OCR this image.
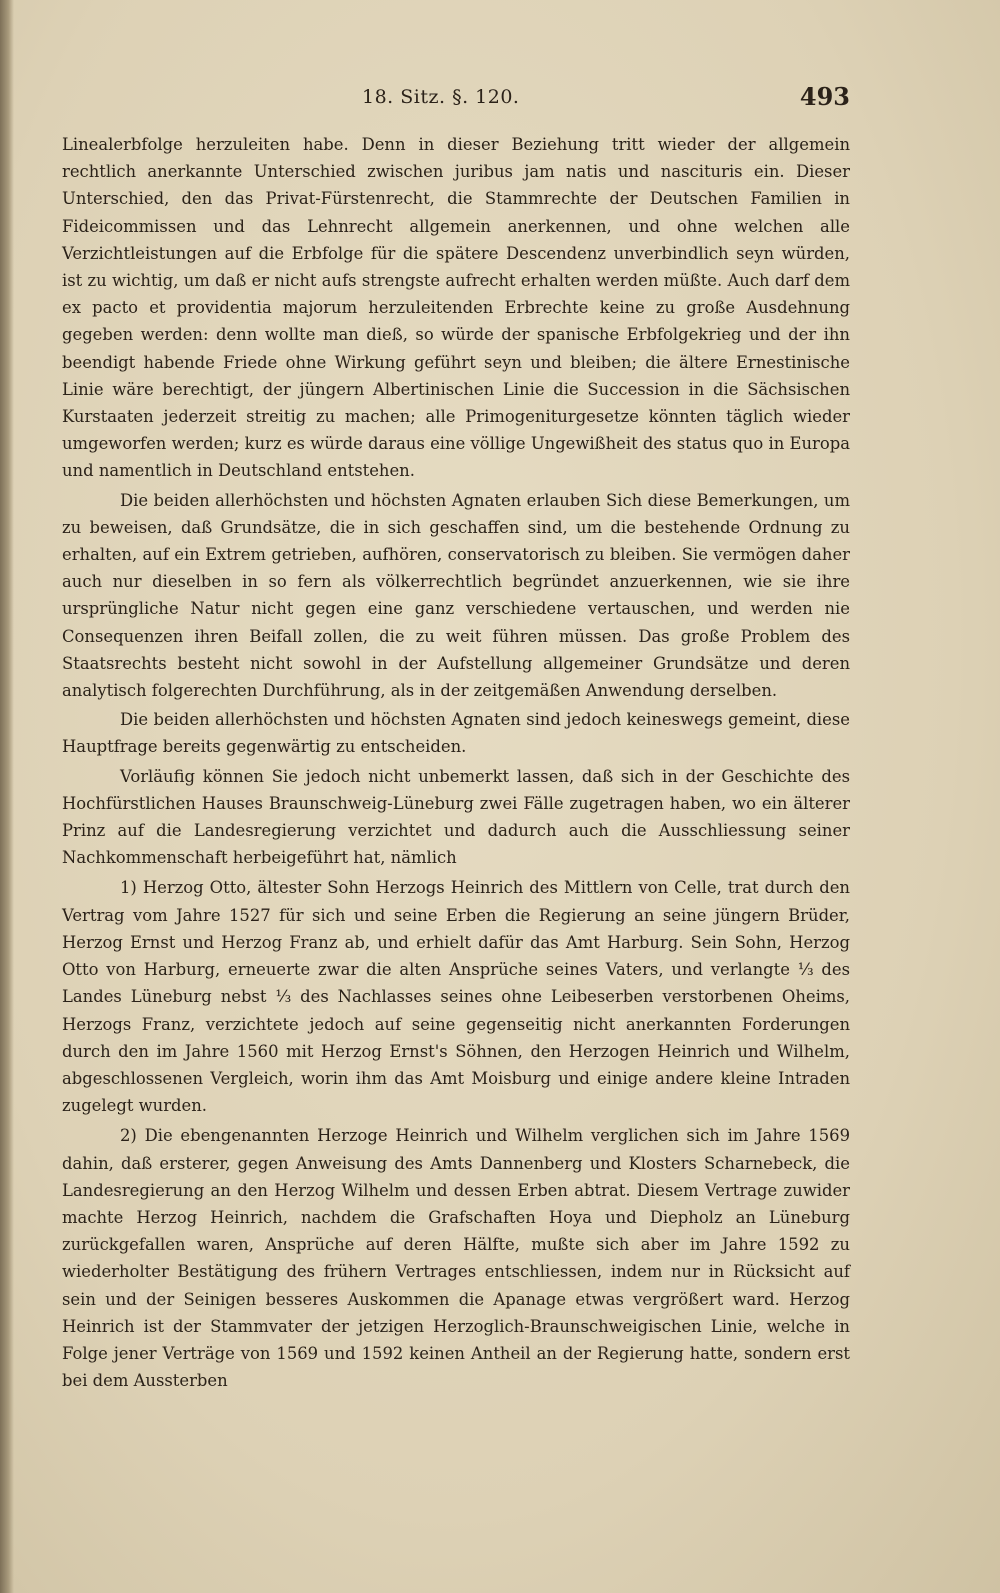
18. Sitz. §. 120.	493

Linealerbfolge herzuleiten habe. Denn in dieser Beziehung tritt wieder der allgemein rechtlich anerkannte Unterschied zwischen juribus jam natis und nascituris ein. Dieser Unterschied, den das Privat-Fürstenrecht, die Stammrechte der Deutschen Familien in Fideicommissen und das Lehnrecht allgemein anerkennen, und ohne welchen alle Verzichtleistungen auf die Erbfolge für die spätere Descendenz unverbindlich seyn würden, ist zu wichtig, um daß er nicht aufs strengste aufrecht erhalten werden müßte. Auch darf dem ex pacto et providentia majorum herzuleitenden Erbrechte keine zu große Ausdehnung gegeben werden: denn wollte man dieß, so würde der spanische Erbfolgekrieg und der ihn beendigt habende Friede ohne Wirkung geführt seyn und bleiben; die ältere Ernestinische Linie wäre berechtigt, der jüngern Albertinischen Linie die Succession in die Sächsischen Kurstaaten jederzeit streitig zu machen; alle Primogeniturgesetze könnten täglich wieder umgeworfen werden; kurz es würde daraus eine völlige Ungewißheit des status quo in Europa und namentlich in Deutschland entstehen.

Die beiden allerhöchsten und höchsten Agnaten erlauben Sich diese Bemerkungen, um zu beweisen, daß Grundsätze, die in sich geschaffen sind, um die bestehende Ordnung zu erhalten, auf ein Extrem getrieben, aufhören, conservatorisch zu bleiben. Sie vermögen daher auch nur dieselben in so fern als völkerrechtlich begründet anzuerkennen, wie sie ihre ursprüngliche Natur nicht gegen eine ganz verschiedene vertauschen, und werden nie Consequenzen ihren Beifall zollen, die zu weit führen müssen. Das große Problem des Staatsrechts besteht nicht sowohl in der Aufstellung allgemeiner Grundsätze und deren analytisch folgerechten Durchführung, als in der zeitgemäßen Anwendung derselben.

Die beiden allerhöchsten und höchsten Agnaten sind jedoch keineswegs gemeint, diese Hauptfrage bereits gegenwärtig zu entscheiden.

Vorläufig können Sie jedoch nicht unbemerkt lassen, daß sich in der Geschichte des Hochfürstlichen Hauses Braunschweig-Lüneburg zwei Fälle zugetragen haben, wo ein älterer Prinz auf die Landesregierung verzichtet und dadurch auch die Ausschliessung seiner Nachkommenschaft herbeigeführt hat, nämlich

1) Herzog Otto, ältester Sohn Herzogs Heinrich des Mittlern von Celle, trat durch den Vertrag vom Jahre 1527 für sich und seine Erben die Regierung an seine jüngern Brüder, Herzog Ernst und Herzog Franz ab, und erhielt dafür das Amt Harburg. Sein Sohn, Herzog Otto von Harburg, erneuerte zwar die alten Ansprüche seines Vaters, und verlangte ⅓ des Landes Lüneburg nebst ⅓ des Nachlasses seines ohne Leibeserben verstorbenen Oheims, Herzogs Franz, verzichtete jedoch auf seine gegenseitig nicht anerkannten Forderungen durch den im Jahre 1560 mit Herzog Ernst's Söhnen, den Herzogen Heinrich und Wilhelm, abgeschlossenen Vergleich, worin ihm das Amt Moisburg und einige andere kleine Intraden zugelegt wurden.

2) Die ebengenannten Herzoge Heinrich und Wilhelm verglichen sich im Jahre 1569 dahin, daß ersterer, gegen Anweisung des Amts Dannenberg und Klosters Scharnebeck, die Landesregierung an den Herzog Wilhelm und dessen Erben abtrat. Diesem Vertrage zuwider machte Herzog Heinrich, nachdem die Grafschaften Hoya und Diepholz an Lüneburg zurückgefallen waren, Ansprüche auf deren Hälfte, mußte sich aber im Jahre 1592 zu wiederholter Bestätigung des frühern Vertrages entschliessen, indem nur in Rücksicht auf sein und der Seinigen besseres Auskommen die Apanage etwas vergrößert ward. Herzog Heinrich ist der Stammvater der jetzigen Herzoglich-Braunschweigischen Linie, welche in Folge jener Verträge von 1569 und 1592 keinen Antheil an der Regierung hatte, sondern erst bei dem Aussterben
